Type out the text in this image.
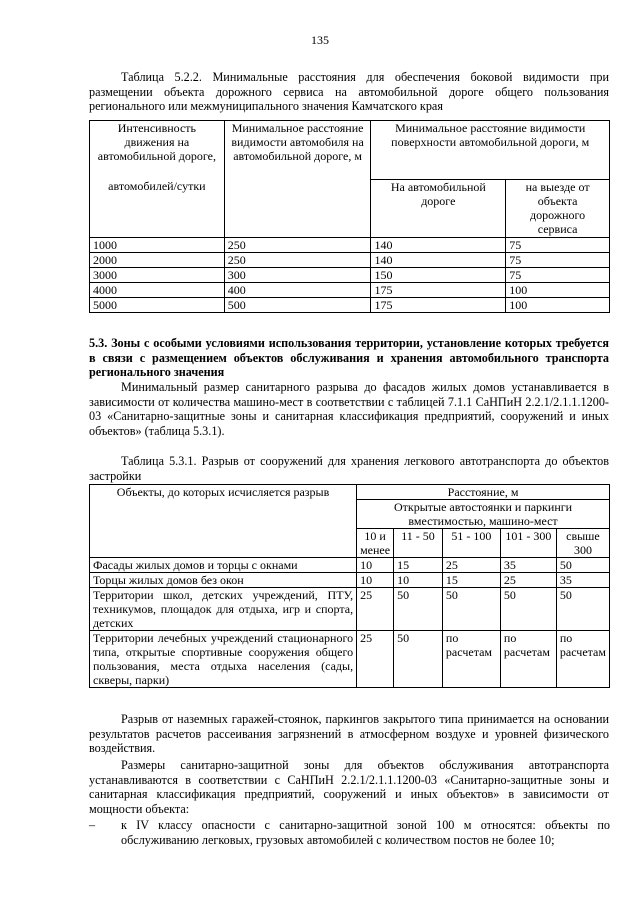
135
Таблица 5.2.2. Минимальные расстояния для обеспечения боковой видимости при размещении объекта дорожного сервиса на автомобильной дороге общего пользования регионального или межмуниципального значения Камчатского края
Интенсивность движения на автомобильной дороге,	Минимальное расстояние видимости автомобиля на автомобильной дороге, м	Минимальное расстояние видимости поверхности автомобильной дороги, м	
автомобилей/сутки		На автомобильной дороге	на выезде от объекта дорожного сервиса
1000	250	140	75
2000	250	140	75
3000	300	150	75
4000	400	175	100
5000	500	175	100
5.3. Зоны с особыми условиями использования территории, установление которых требуется в связи с размещением объектов обслуживания и хранения автомобильного транспорта регионального значения
Минимальный размер санитарного разрыва до фасадов жилых домов устанавливается в зависимости от количества машино-мест в соответствии с таблицей 7.1.1 СаНПиН 2.2.1/2.1.1.1200-03 «Санитарно-защитные зоны и санитарная классификация предприятий, сооружений и иных объектов» (таблица 5.3.1).
Таблица 5.3.1. Разрыв от сооружений для хранения легкового автотранспорта до объектов застройки
Объекты, до которых исчисляется разрыв	Расстояние, м				
	Открытые автостоянки и паркинги вместимостью, машино-мест				
	10 и менее	11 - 50	51 - 100	101 - 300	свыше 300
Фасады жилых домов и торцы с окнами	10	15	25	35	50
Торцы жилых домов без окон	10	10	15	25	35
Территории школ, детских учреждений, ПТУ, техникумов, площадок для отдыха, игр и спорта, детских	25	50	50	50	50
Территории лечебных учреждений стационарного типа, открытые спортивные сооружения общего пользования, места отдыха населения (сады, скверы, парки)	25	50	по расчетам	по расчетам	по расчетам
Разрыв от наземных гаражей-стоянок, паркингов закрытого типа принимается на основании результатов расчетов рассеивания загрязнений в атмосферном воздухе и уровней физического воздействия.
Размеры санитарно-защитной зоны для объектов обслуживания автотранспорта устанавливаются в соответствии с СаНПиН 2.2.1/2.1.1.1200-03 «Санитарно-защитные зоны и санитарная классификация предприятий, сооружений и иных объектов» в зависимости от мощности объекта:
– к IV классу опасности с санитарно-защитной зоной 100 м относятся: объекты по обслуживанию легковых, грузовых автомобилей с количеством постов не более 10;
